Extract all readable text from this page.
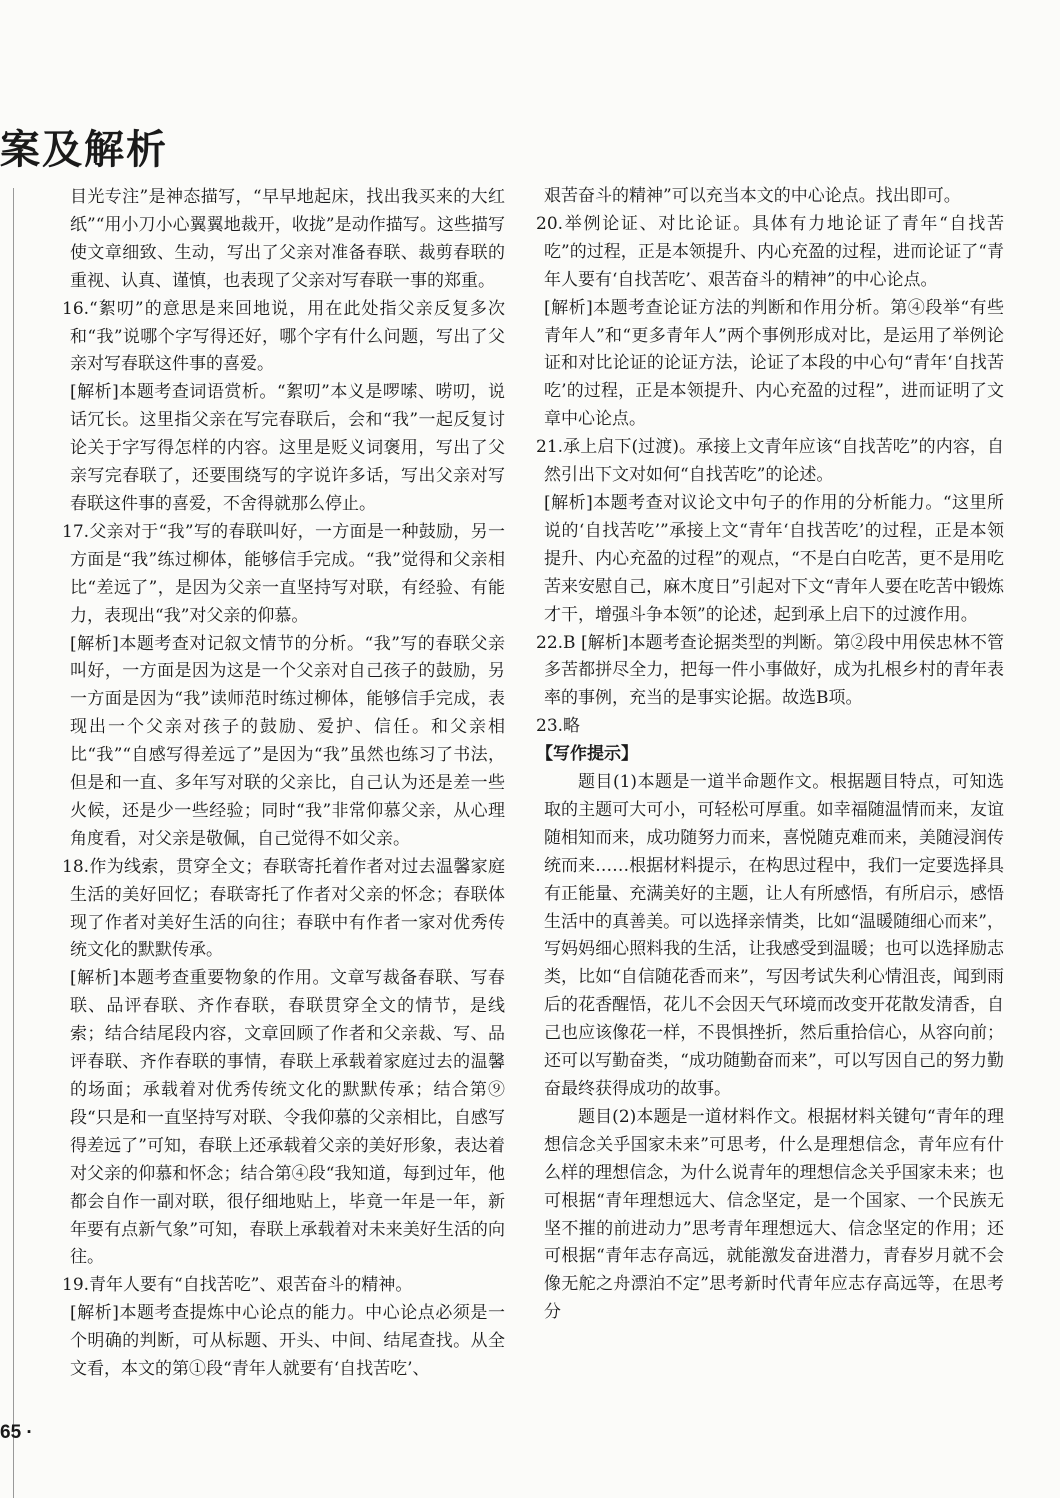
案及解析

目光专注”是神态描写，“早早地起床，找出我买来的大红纸”“用小刀小心翼翼地裁开，收拢”是动作描写。这些描写使文章细致、生动，写出了父亲对准备春联、裁剪春联的重视、认真、谨慎，也表现了父亲对写春联一事的郑重。

16.“絮叨”的意思是来回地说，用在此处指父亲反复多次和“我”说哪个字写得还好，哪个字有什么问题，写出了父亲对写春联这件事的喜爱。

[解析]本题考查词语赏析。“絮叨”本义是啰嗦、唠叨，说话冗长。这里指父亲在写完春联后，会和“我”一起反复讨论关于字写得怎样的内容。这里是贬义词褒用，写出了父亲写完春联了，还要围绕写的字说许多话，写出父亲对写春联这件事的喜爱，不舍得就那么停止。

17.父亲对于“我”写的春联叫好，一方面是一种鼓励，另一方面是“我”练过柳体，能够信手完成。“我”觉得和父亲相比“差远了”，是因为父亲一直坚持写对联，有经验、有能力，表现出“我”对父亲的仰慕。

[解析]本题考查对记叙文情节的分析。“我”写的春联父亲叫好，一方面是因为这是一个父亲对自己孩子的鼓励，另一方面是因为“我”读师范时练过柳体，能够信手完成，表现出一个父亲对孩子的鼓励、爱护、信任。和父亲相比“我”“自感写得差远了”是因为“我”虽然也练习了书法，但是和一直、多年写对联的父亲比，自己认为还是差一些火候，还是少一些经验；同时“我”非常仰慕父亲，从心理角度看，对父亲是敬佩，自己觉得不如父亲。

18.作为线索，贯穿全文；春联寄托着作者对过去温馨家庭生活的美好回忆；春联寄托了作者对父亲的怀念；春联体现了作者对美好生活的向往；春联中有作者一家对优秀传统文化的默默传承。

[解析]本题考查重要物象的作用。文章写裁备春联、写春联、品评春联、齐作春联，春联贯穿全文的情节，是线索；结合结尾段内容，文章回顾了作者和父亲裁、写、品评春联、齐作春联的事情，春联上承载着家庭过去的温馨的场面；承载着对优秀传统文化的默默传承；结合第⑨段“只是和一直坚持写对联、令我仰慕的父亲相比，自感写得差远了”可知，春联上还承载着父亲的美好形象，表达着对父亲的仰慕和怀念；结合第④段“我知道，每到过年，他都会自作一副对联，很仔细地贴上，毕竟一年是一年，新年要有点新气象”可知，春联上承载着对未来美好生活的向往。

19.青年人要有“自找苦吃”、艰苦奋斗的精神。

[解析]本题考查提炼中心论点的能力。中心论点必须是一个明确的判断，可从标题、开头、中间、结尾查找。从全文看，本文的第①段“青年人就要有‘自找苦吃’、

艰苦奋斗的精神”可以充当本文的中心论点。找出即可。

20.举例论证、对比论证。具体有力地论证了青年“自找苦吃”的过程，正是本领提升、内心充盈的过程，进而论证了“青年人要有‘自找苦吃’、艰苦奋斗的精神”的中心论点。

[解析]本题考查论证方法的判断和作用分析。第④段举“有些青年人”和“更多青年人”两个事例形成对比，是运用了举例论证和对比论证的论证方法，论证了本段的中心句“青年‘自找苦吃’的过程，正是本领提升、内心充盈的过程”，进而证明了文章中心论点。

21.承上启下(过渡)。承接上文青年应该“自找苦吃”的内容，自然引出下文对如何“自找苦吃”的论述。

[解析]本题考查对议论文中句子的作用的分析能力。“这里所说的‘自找苦吃’”承接上文“青年‘自找苦吃’的过程，正是本领提升、内心充盈的过程”的观点，“不是白白吃苦，更不是用吃苦来安慰自己，麻木度日”引起对下文“青年人要在吃苦中锻炼才干，增强斗争本领”的论述，起到承上启下的过渡作用。

22.B [解析]本题考查论据类型的判断。第②段中用侯忠林不管多苦都拼尽全力，把每一件小事做好，成为扎根乡村的青年表率的事例，充当的是事实论据。故选B项。

23.略

【写作提示】

题目(1)本题是一道半命题作文。根据题目特点，可知选取的主题可大可小，可轻松可厚重。如幸福随温情而来，友谊随相知而来，成功随努力而来，喜悦随克难而来，美随浸润传统而来……根据材料提示，在构思过程中，我们一定要选择具有正能量、充满美好的主题，让人有所感悟，有所启示，感悟生活中的真善美。可以选择亲情类，比如“温暖随细心而来”，写妈妈细心照料我的生活，让我感受到温暖；也可以选择励志类，比如“自信随花香而来”，写因考试失利心情沮丧，闻到雨后的花香醒悟，花儿不会因天气环境而改变开花散发清香，自己也应该像花一样，不畏惧挫折，然后重拾信心，从容向前；还可以写勤奋类，“成功随勤奋而来”，可以写因自己的努力勤奋最终获得成功的故事。

题目(2)本题是一道材料作文。根据材料关键句“青年的理想信念关乎国家未来”可思考，什么是理想信念，青年应有什么样的理想信念，为什么说青年的理想信念关乎国家未来；也可根据“青年理想远大、信念坚定，是一个国家、一个民族无坚不摧的前进动力”思考青年理想远大、信念坚定的作用；还可根据“青年志存高远，就能激发奋进潜力，青春岁月就不会像无舵之舟漂泊不定”思考新时代青年应志存高远等，在思考分

65 ·
